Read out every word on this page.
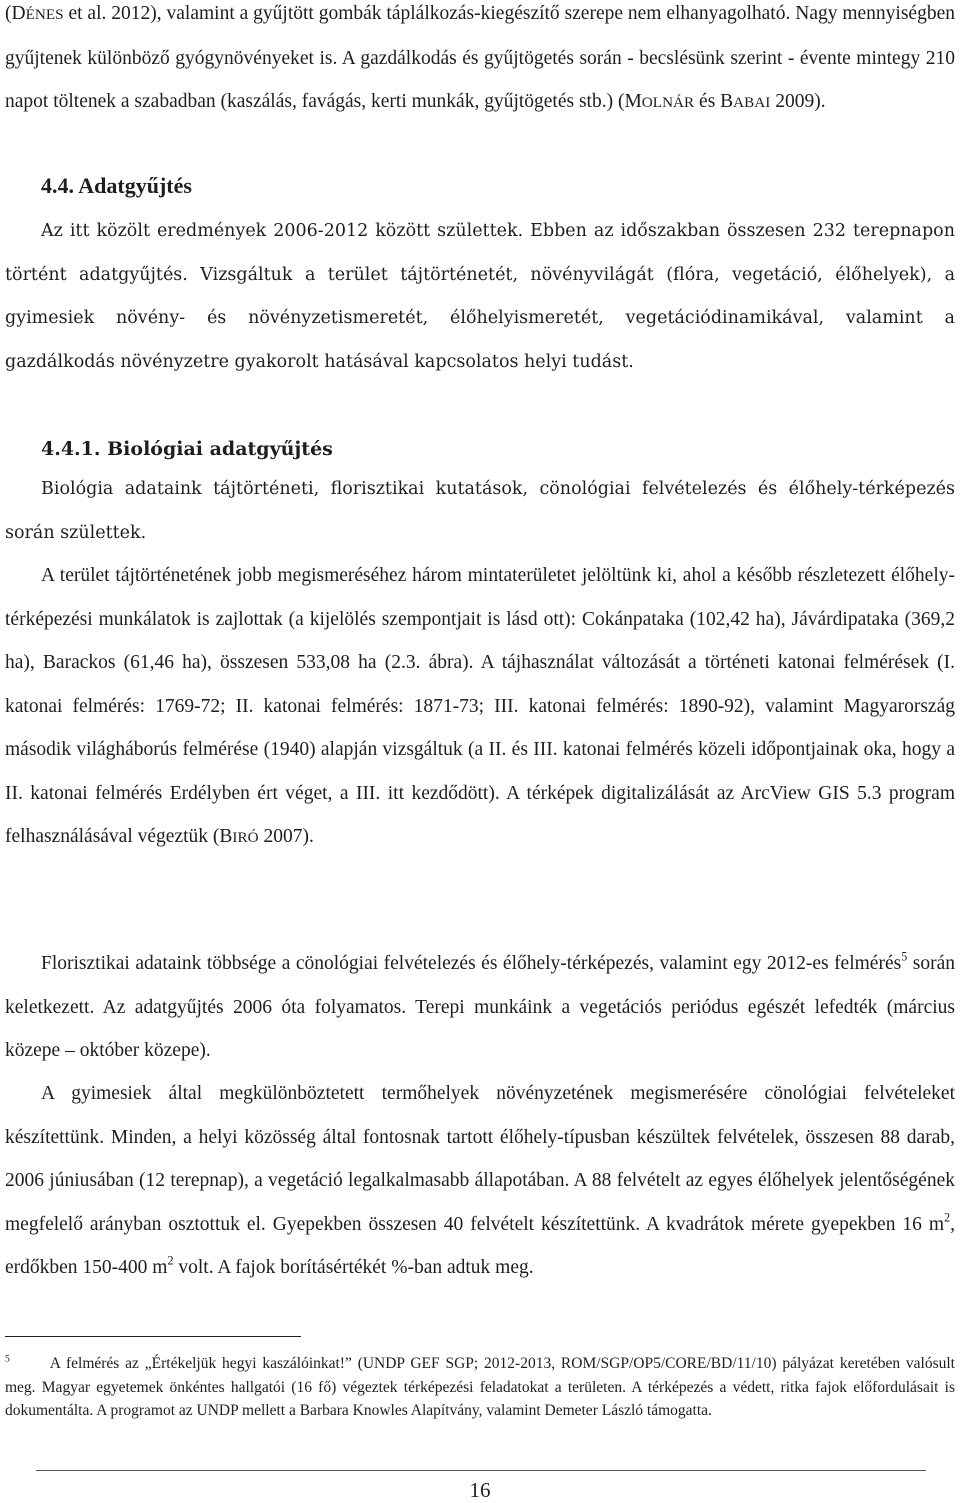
(DÉNES et al. 2012), valamint a gyűjtött gombák táplálkozás-kiegészítő szerepe nem elhanyagolható. Nagy mennyiségben gyűjtenek különböző gyógynövényeket is. A gazdálkodás és gyűjtögetés során - becslésünk szerint - évente mintegy 210 napot töltenek a szabadban (kaszálás, favágás, kerti munkák, gyűjtögetés stb.) (MOLNÁR és BABAI 2009).

4.4. Adatgyűjtés

Az itt közölt eredmények 2006-2012 között születtek. Ebben az időszakban összesen 232 terepnapon történt adatgyűjtés. Vizsgáltuk a terület tájtörténetét, növényvilágát (flóra, vegetáció, élőhelyek), a gyimesiek növény- és növényzetismeretét, élőhelyismeretét, vegetációdinamikával, valamint a gazdálkodás növényzetre gyakorolt hatásával kapcsolatos helyi tudást.

4.4.1. Biológiai adatgyűjtés

Biológia adataink tájtörténeti, florisztikai kutatások, cönológiai felvételezés és élőhely-térképezés során születtek.

A terület tájtörténetének jobb megismeréséhez három mintaterületet jelöltünk ki, ahol a később részletezett élőhely-térképezési munkálatok is zajlottak (a kijelölés szempontjait is lásd ott): Cokánpataka (102,42 ha), Jávárdipataka (369,2 ha), Barackos (61,46 ha), összesen 533,08 ha (2.3. ábra). A tájhasználat változását a történeti katonai felmérések (I. katonai felmérés: 1769-72; II. katonai felmérés: 1871-73; III. katonai felmérés: 1890-92), valamint Magyarország második világháborús felmérése (1940) alapján vizsgáltuk (a II. és III. katonai felmérés közeli időpontjainak oka, hogy a II. katonai felmérés Erdélyben ért véget, a III. itt kezdődött). A térképek digitalizálását az ArcView GIS 5.3 program felhasználásával végeztük (BIRÓ 2007).

Florisztikai adataink többsége a cönológiai felvételezés és élőhely-térképezés, valamint egy 2012-es felmérés$^5$ során keletkezett. Az adatgyűjtés 2006 óta folyamatos. Terepi munkáink a vegetációs periódus egészét lefedték (március közepe – október közepe).

A gyimesiek által megkülönböztetett termőhelyek növényzetének megismerésére cönológiai felvételeket készítettünk. Minden, a helyi közösség által fontosnak tartott élőhely-típusban készültek felvételek, összesen 88 darab, 2006 júniusában (12 terepnap), a vegetáció legalkalmasabb állapotában. A 88 felvételt az egyes élőhelyek jelentőségének megfelelő arányban osztottuk el. Gyepekben összesen 40 felvételt készítettünk. A kvadrátok mérete gyepekben 16 $m^2$, erdőkben 150-400 $m^2$ volt. A fajok borításértékét %-ban adtuk meg.

$^5$	A felmérés az „Értékeljük hegyi kaszálóinkat!” (UNDP GEF SGP; 2012-2013, ROM/SGP/OP5/CORE/BD/11/10) pályázat keretében valósult meg. Magyar egyetemek önkéntes hallgatói (16 fő) végeztek térképezési feladatokat a területen. A térképezés a védett, ritka fajok előfordulásait is dokumentálta. A programot az UNDP mellett a Barbara Knowles Alapítvány, valamint Demeter László támogatta.

16
